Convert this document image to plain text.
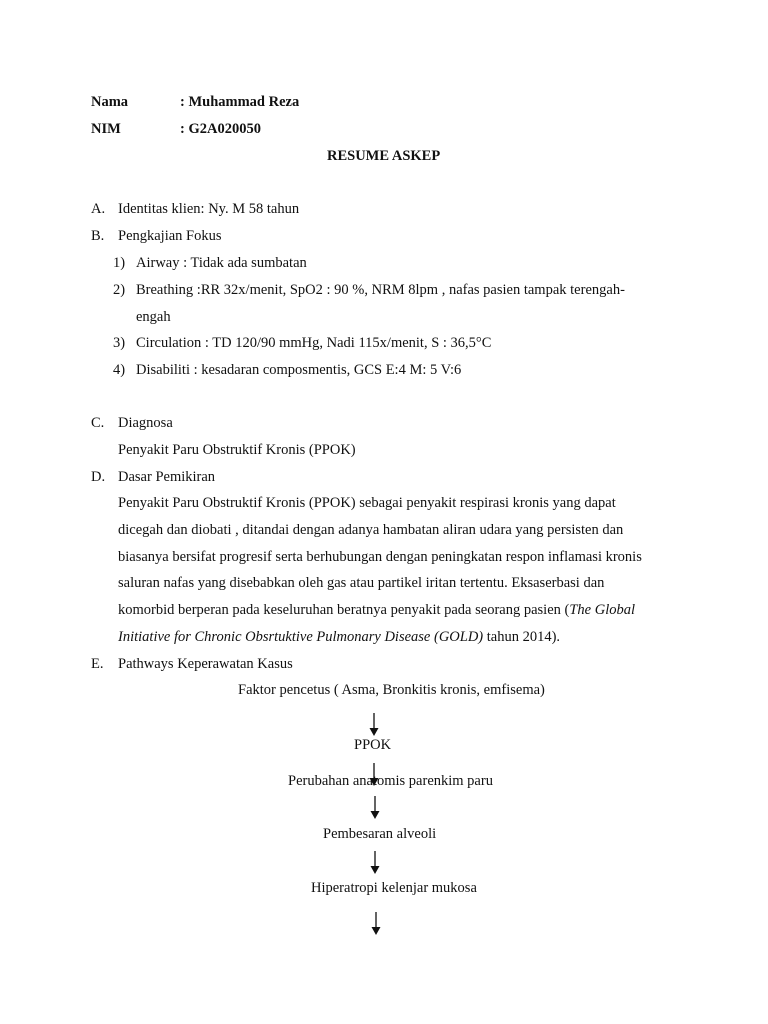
Nama	: Muhammad Reza
NIM	: G2A020050
RESUME ASKEP
A. Identitas klien: Ny. M 58 tahun
B. Pengkajian Fokus
1) Airway : Tidak ada sumbatan
2) Breathing :RR 32x/menit, SpO2 : 90 %, NRM 8lpm , nafas pasien tampak terengah-
engah
3) Circulation : TD 120/90 mmHg, Nadi 115x/menit, S : 36,5°C
4) Disabiliti : kesadaran composmentis, GCS E:4 M: 5 V:6
C. Diagnosa
Penyakit Paru Obstruktif Kronis (PPOK)
D. Dasar Pemikiran
Penyakit Paru Obstruktif Kronis (PPOK) sebagai penyakit respirasi kronis yang dapat
dicegah dan diobati , ditandai dengan adanya hambatan aliran udara yang persisten dan
biasanya bersifat progresif serta berhubungan dengan peningkatan respon inflamasi kronis
saluran nafas yang disebabkan oleh gas atau partikel iritan tertentu. Eksaserbasi dan
komorbid berperan pada keseluruhan beratnya penyakit pada seorang pasien (The Global
Initiative for Chronic Obsrtuktive Pulmonary Disease (GOLD) tahun 2014).
E. Pathways Keperawatan Kasus
Faktor pencetus ( Asma, Bronkitis kronis, emfisema)
PPOK
Perubahan anatomis parenkim paru
Pembesaran alveoli
Hiperatropi kelenjar mukosa
